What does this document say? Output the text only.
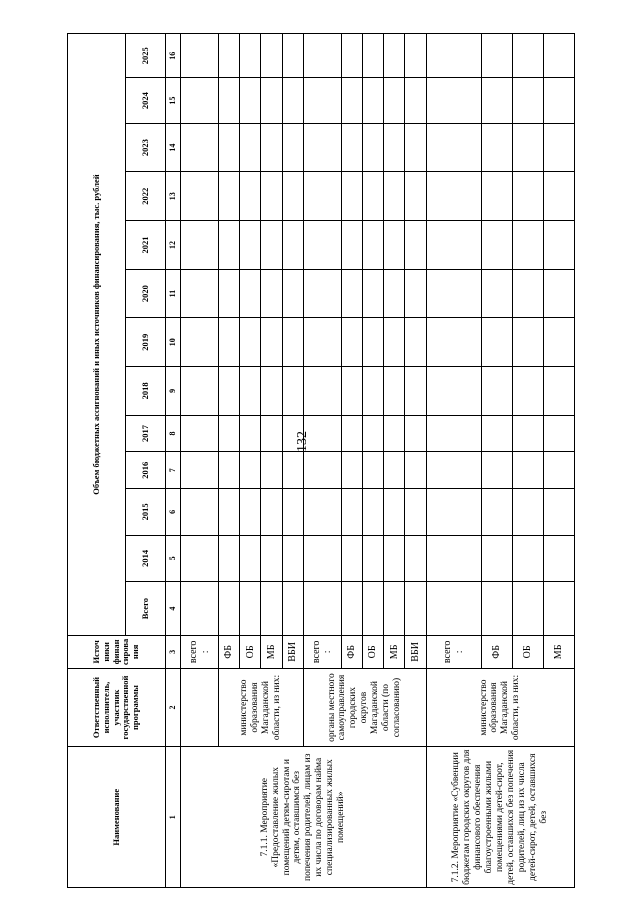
132
Наименование	Ответственный исполнитель, участник государственной программы	Источники финансирования	Объем бюджетных ассигнований и иных источников финансирования, тыс. рублей												
			Всего	2014	2015	2016	2017	2018	2019	2020	2021	2022	2023	2024	2025
1	2	3	4	5	6	7	8	9	10	11	12	13	14	15	16
7.1.1. Мероприятие «Предоставление жилых помещений детям-сиротам и детям, оставшимся без попечения родителей, лицам из их числа по договорам найма специализированных жилых помещений»		всего :													
	министерство образования Магаданской области, из них:	ФБ													
		ОБ													
		МБ													
		ВБИ													
	органы местного самоуправления городских округов Магаданской области (по согласованию)	всего :													
		ФБ													
		ОБ													
		МБ													
		ВБИ													
7.1.2. Мероприятие «Субвенции бюджетам городских округов для финансового обеспечения благоустроенными жилыми помещениями детей-сирот, детей, оставшихся без попечения родителей, лиц из их числа детей-сирот, детей, оставшихся без	министерство образования Магаданской области, из них:	всего :													
		ФБ													
		ОБ													
		МБ													
